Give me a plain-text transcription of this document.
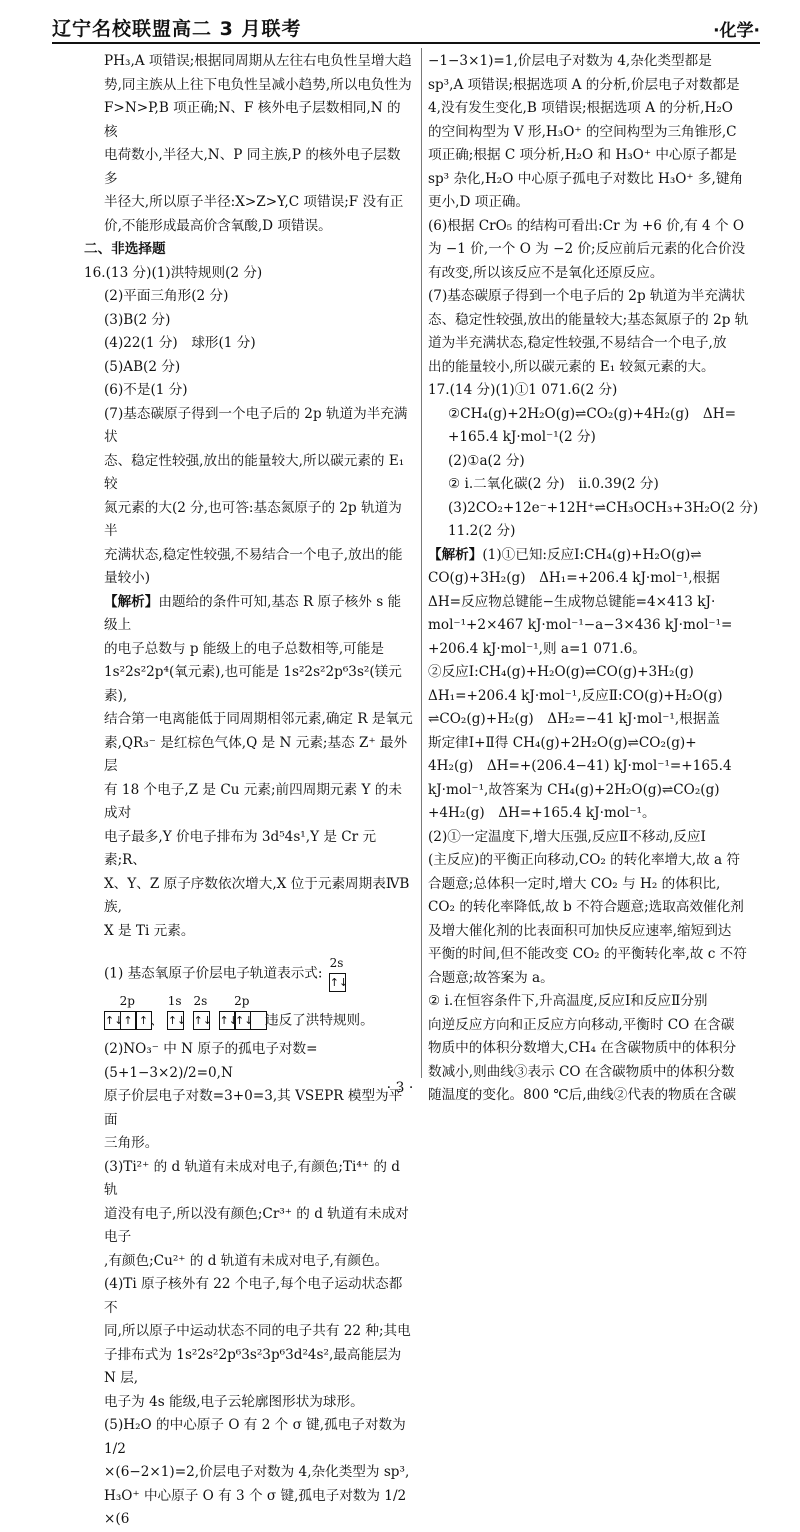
辽宁名校联盟高二 3 月联考	·化学·

PH₃,A 项错误;根据同周期从左往右电负性呈增大趋

势,同主族从上往下电负性呈减小趋势,所以电负性为

F>N>P,B 项正确;N、F 核外电子层数相同,N 的核

电荷数小,半径大,N、P 同主族,P 的核外电子层数多

半径大,所以原子半径:X>Z>Y,C 项错误;F 没有正

价,不能形成最高价含氧酸,D 项错误。

二、非选择题

16.(13 分)(1)洪特规则(2 分)

(2)平面三角形(2 分)

(3)B(2 分)

(4)22(1 分)　球形(1 分)

(5)AB(2 分)

(6)不是(1 分)

(7)基态碳原子得到一个电子后的 2p 轨道为半充满状

态、稳定性较强,放出的能量较大,所以碳元素的 E₁ 较

氮元素的大(2 分,也可答:基态氮原子的 2p 轨道为半

充满状态,稳定性较强,不易结合一个电子,放出的能

量较小)

【解析】由题给的条件可知,基态 R 原子核外 s 能级上

的电子总数与 p 能级上的电子总数相等,可能是

1s²2s²2p⁴(氧元素),也可能是 1s²2s²2p⁶3s²(镁元素),

结合第一电离能低于同周期相邻元素,确定 R 是氧元

素,QR₃⁻ 是红棕色气体,Q 是 N 元素;基态 Z⁺ 最外层

有 18 个电子,Z 是 Cu 元素;前四周期元素 Y 的未成对

电子最多,Y 价电子排布为 3d⁵4s¹,Y 是 Cr 元素;R、

X、Y、Z 原子序数依次增大,X 位于元素周期表ⅣB 族,

X 是 Ti 元素。

(1) 基态氧原子价层电子轨道表示式:
2s
↑↓

2p
↑↓↑ ↑ 、
1s
↑↓
2s
↑↓
2p
↑↓↑↓ 违反了洪特规则。

(2)NO₃⁻ 中 N 原子的孤电子对数=(5+1−3×2)/2=0,N

原子价层电子对数=3+0=3,其 VSEPR 模型为平面

三角形。

(3)Ti²⁺ 的 d 轨道有未成对电子,有颜色;Ti⁴⁺ 的 d 轨

道没有电子,所以没有颜色;Cr³⁺ 的 d 轨道有未成对电子

,有颜色;Cu²⁺ 的 d 轨道有未成对电子,有颜色。

(4)Ti 原子核外有 22 个电子,每个电子运动状态都不

同,所以原子中运动状态不同的电子共有 22 种;其电

子排布式为 1s²2s²2p⁶3s²3p⁶3d²4s²,最高能层为 N 层,

电子为 4s 能级,电子云轮廓图形状为球形。

(5)H₂O 的中心原子 O 有 2 个 σ 键,孤电子对数为 1/2

×(6−2×1)=2,价层电子对数为 4,杂化类型为 sp³,

H₃O⁺ 中心原子 O 有 3 个 σ 键,孤电子对数为 1/2 ×(6

−1−3×1)=1,价层电子对数为 4,杂化类型都是

sp³,A 项错误;根据选项 A 的分析,价层电子对数都是

4,没有发生变化,B 项错误;根据选项 A 的分析,H₂O

的空间构型为 V 形,H₃O⁺ 的空间构型为三角锥形,C

项正确;根据 C 项分析,H₂O 和 H₃O⁺ 中心原子都是

sp³ 杂化,H₂O 中心原子孤电子对数比 H₃O⁺ 多,键角

更小,D 项正确。

(6)根据 CrO₅ 的结构可看出:Cr 为 +6 价,有 4 个 O

为 −1 价,一个 O 为 −2 价;反应前后元素的化合价没

有改变,所以该反应不是氧化还原反应。

(7)基态碳原子得到一个电子后的 2p 轨道为半充满状

态、稳定性较强,放出的能量较大;基态氮原子的 2p 轨

道为半充满状态,稳定性较强,不易结合一个电子,放

出的能量较小,所以碳元素的 E₁ 较氮元素的大。

17.(14 分)(1)①1 071.6(2 分)

②CH₄(g)+2H₂O(g)⇌CO₂(g)+4H₂(g)　ΔH=

+165.4 kJ·mol⁻¹(2 分)

(2)①a(2 分)

② ⅰ.二氧化碳(2 分)　ⅱ.0.39(2 分)

(3)2CO₂+12e⁻+12H⁺⇌CH₃OCH₃+3H₂O(2 分)

11.2(2 分)

【解析】(1)①已知:反应Ⅰ:CH₄(g)+H₂O(g)⇌

CO(g)+3H₂(g)　ΔH₁=+206.4 kJ·mol⁻¹,根据

ΔH=反应物总键能−生成物总键能=4×413 kJ·

mol⁻¹+2×467 kJ·mol⁻¹−a−3×436 kJ·mol⁻¹=

+206.4 kJ·mol⁻¹,则 a=1 071.6。

②反应Ⅰ:CH₄(g)+H₂O(g)⇌CO(g)+3H₂(g)

ΔH₁=+206.4 kJ·mol⁻¹,反应Ⅱ:CO(g)+H₂O(g)

⇌CO₂(g)+H₂(g)　ΔH₂=−41 kJ·mol⁻¹,根据盖

斯定律Ⅰ+Ⅱ得 CH₄(g)+2H₂O(g)⇌CO₂(g)+

4H₂(g)　ΔH=+(206.4−41) kJ·mol⁻¹=+165.4

kJ·mol⁻¹,故答案为 CH₄(g)+2H₂O(g)⇌CO₂(g)

+4H₂(g)　ΔH=+165.4 kJ·mol⁻¹。

(2)①一定温度下,增大压强,反应Ⅱ不移动,反应Ⅰ

(主反应)的平衡正向移动,CO₂ 的转化率增大,故 a 符

合题意;总体积一定时,增大 CO₂ 与 H₂ 的体积比,

CO₂ 的转化率降低,故 b 不符合题意;选取高效催化剂

及增大催化剂的比表面积可加快反应速率,缩短到达

平衡的时间,但不能改变 CO₂ 的平衡转化率,故 c 不符

合题意;故答案为 a。

② ⅰ.在恒容条件下,升高温度,反应Ⅰ和反应Ⅱ分别

向逆反应方向和正反应方向移动,平衡时 CO 在含碳

物质中的体积分数增大,CH₄ 在含碳物质中的体积分

数减小,则曲线③表示 CO 在含碳物质中的体积分数

随温度的变化。800 ℃后,曲线②代表的物质在含碳

· 3 ·
